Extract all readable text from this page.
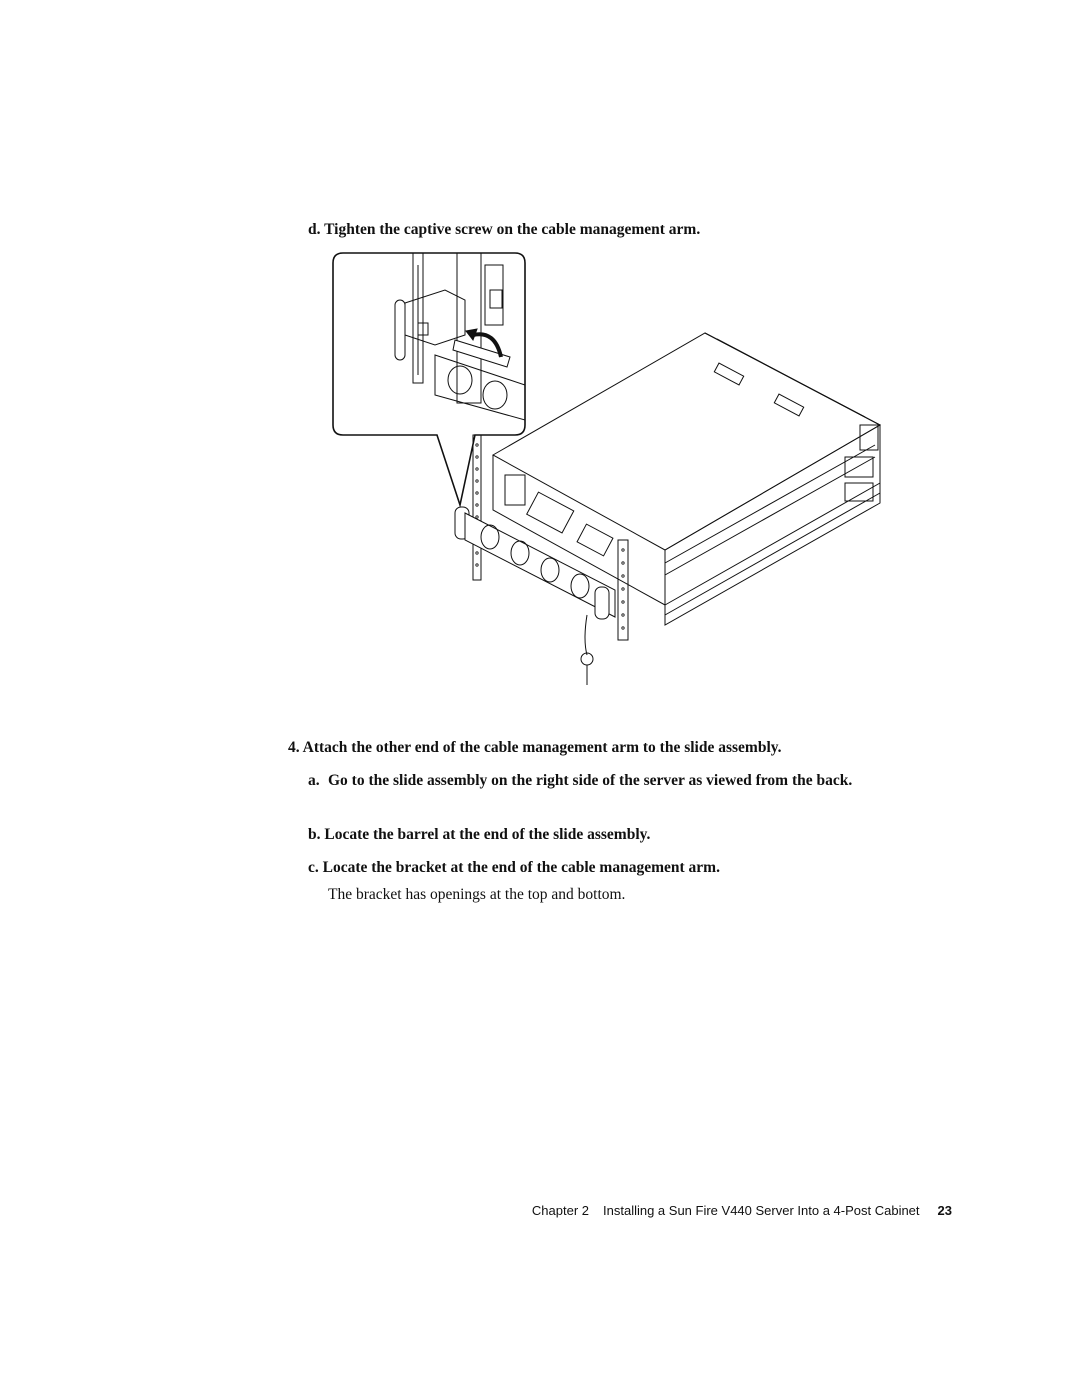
d. Tighten the captive screw on the cable management arm.
4. Attach the other end of the cable management arm to the slide assembly.
a. Go to the slide assembly on the right side of the server as viewed from the back.
b. Locate the barrel at the end of the slide assembly.
c. Locate the bracket at the end of the cable management arm.
The bracket has openings at the top and bottom.
Chapter 2 Installing a Sun Fire V440 Server Into a 4-Post Cabinet 23
